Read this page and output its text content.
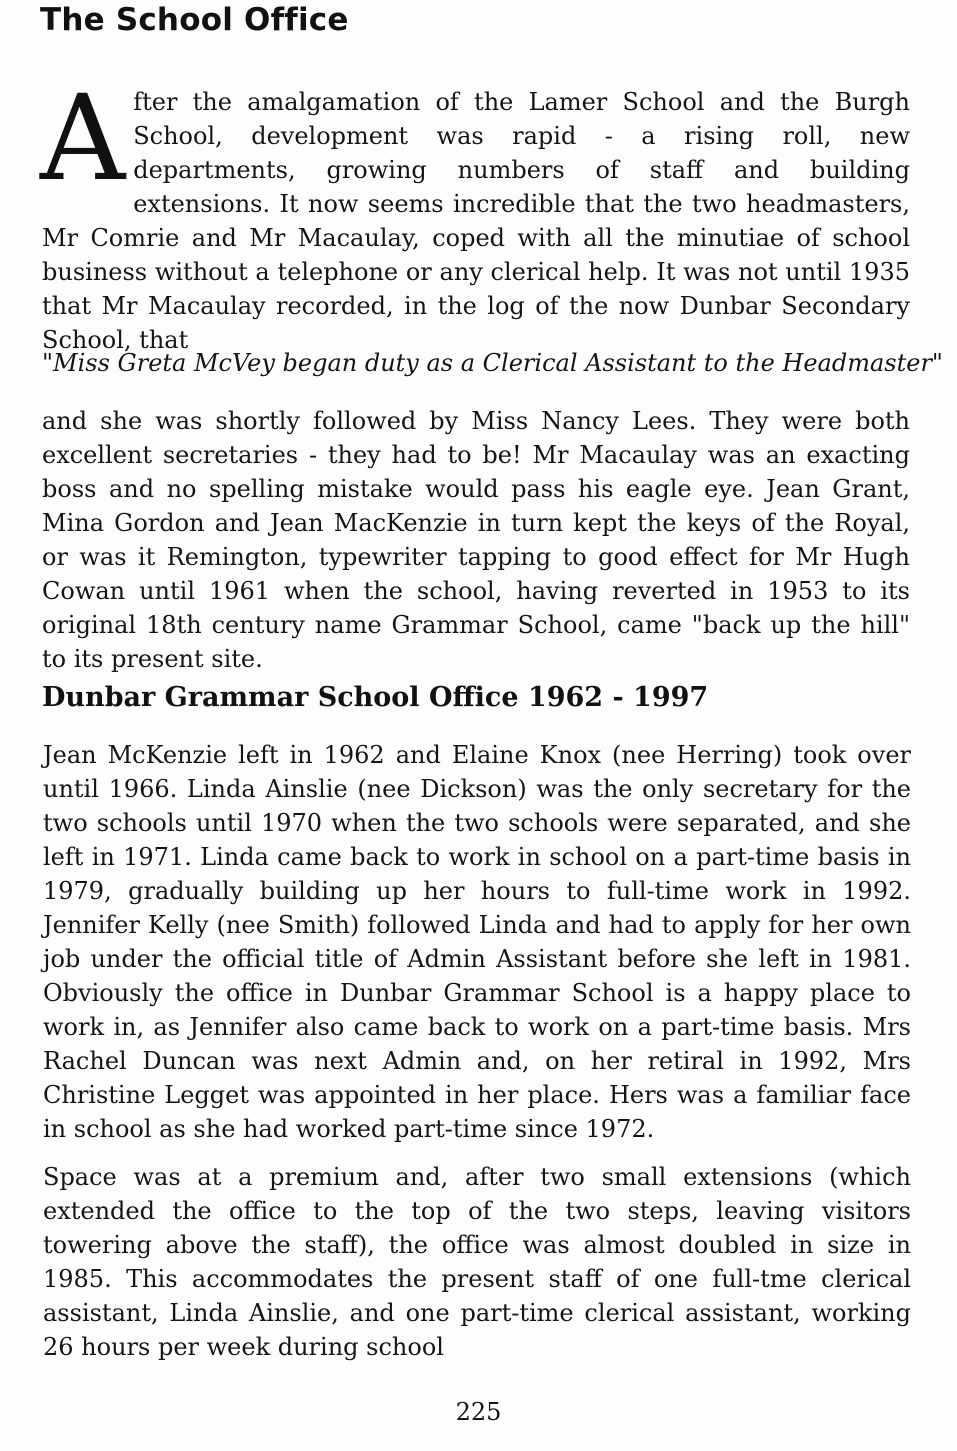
The School Office

After the amalgamation of the Lamer School and the Burgh School, development was rapid - a rising roll, new departments, growing numbers of staff and building extensions. It now seems incredible that the two headmasters, Mr Comrie and Mr Macaulay, coped with all the minutiae of school business without a telephone or any clerical help. It was not until 1935 that Mr Macaulay recorded, in the log of the now Dunbar Secondary School, that

"Miss Greta McVey began duty as a Clerical Assistant to the Headmaster"

and she was shortly followed by Miss Nancy Lees. They were both excellent secretaries - they had to be! Mr Macaulay was an exacting boss and no spelling mistake would pass his eagle eye. Jean Grant, Mina Gordon and Jean MacKenzie in turn kept the keys of the Royal, or was it Remington, typewriter tapping to good effect for Mr Hugh Cowan until 1961 when the school, having reverted in 1953 to its original 18th century name Grammar School, came "back up the hill" to its present site.

Dunbar Grammar School Office 1962 - 1997

Jean McKenzie left in 1962 and Elaine Knox (nee Herring) took over until 1966. Linda Ainslie (nee Dickson) was the only secretary for the two schools until 1970 when the two schools were separated, and she left in 1971. Linda came back to work in school on a part-time basis in 1979, gradually building up her hours to full-time work in 1992. Jennifer Kelly (nee Smith) followed Linda and had to apply for her own job under the official title of Admin Assistant before she left in 1981. Obviously the office in Dunbar Grammar School is a happy place to work in, as Jennifer also came back to work on a part-time basis. Mrs Rachel Duncan was next Admin and, on her retiral in 1992, Mrs Christine Legget was appointed in her place. Hers was a familiar face in school as she had worked part-time since 1972.

Space was at a premium and, after two small extensions (which extended the office to the top of the two steps, leaving visitors towering above the staff), the office was almost doubled in size in 1985. This accommodates the present staff of one full-tme clerical assistant, Linda Ainslie, and one part-time clerical assistant, working 26 hours per week during school

225
